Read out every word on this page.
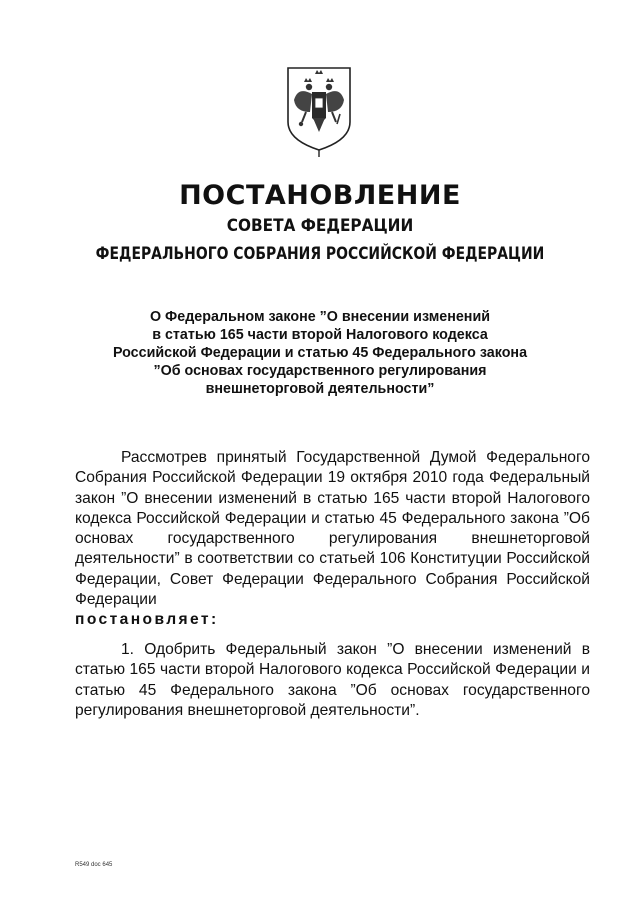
ПОСТАНОВЛЕНИЕ
СОВЕТА ФЕДЕРАЦИИ
ФЕДЕРАЛЬНОГО СОБРАНИЯ РОССИЙСКОЙ ФЕДЕРАЦИИ
О Федеральном законе ”О внесении изменений
в статью 165 части второй Налогового кодекса
Российской Федерации и статью 45 Федерального закона
”Об основах государственного регулирования
внешнеторговой деятельности”
Рассмотрев принятый Государственной Думой Федерального Собрания Российской Федерации 19 октября 2010 года Федеральный закон ”О внесении изменений в статью 165 части второй Налогового кодекса Российской Федерации и статью 45 Федерального закона ”Об основах государственного регулирования внешнеторговой деятельности” в соответствии со статьей 106 Конституции Российской Федерации, Совет Федерации Федерального Собрания Российской Федерации
постановляет:
1. Одобрить Федеральный закон ”О внесении изменений в статью 165 части второй Налогового кодекса Российской Федерации и статью 45 Федерального закона ”Об основах государственного регулирования внешнеторговой деятельности”.
R549 doc 645
